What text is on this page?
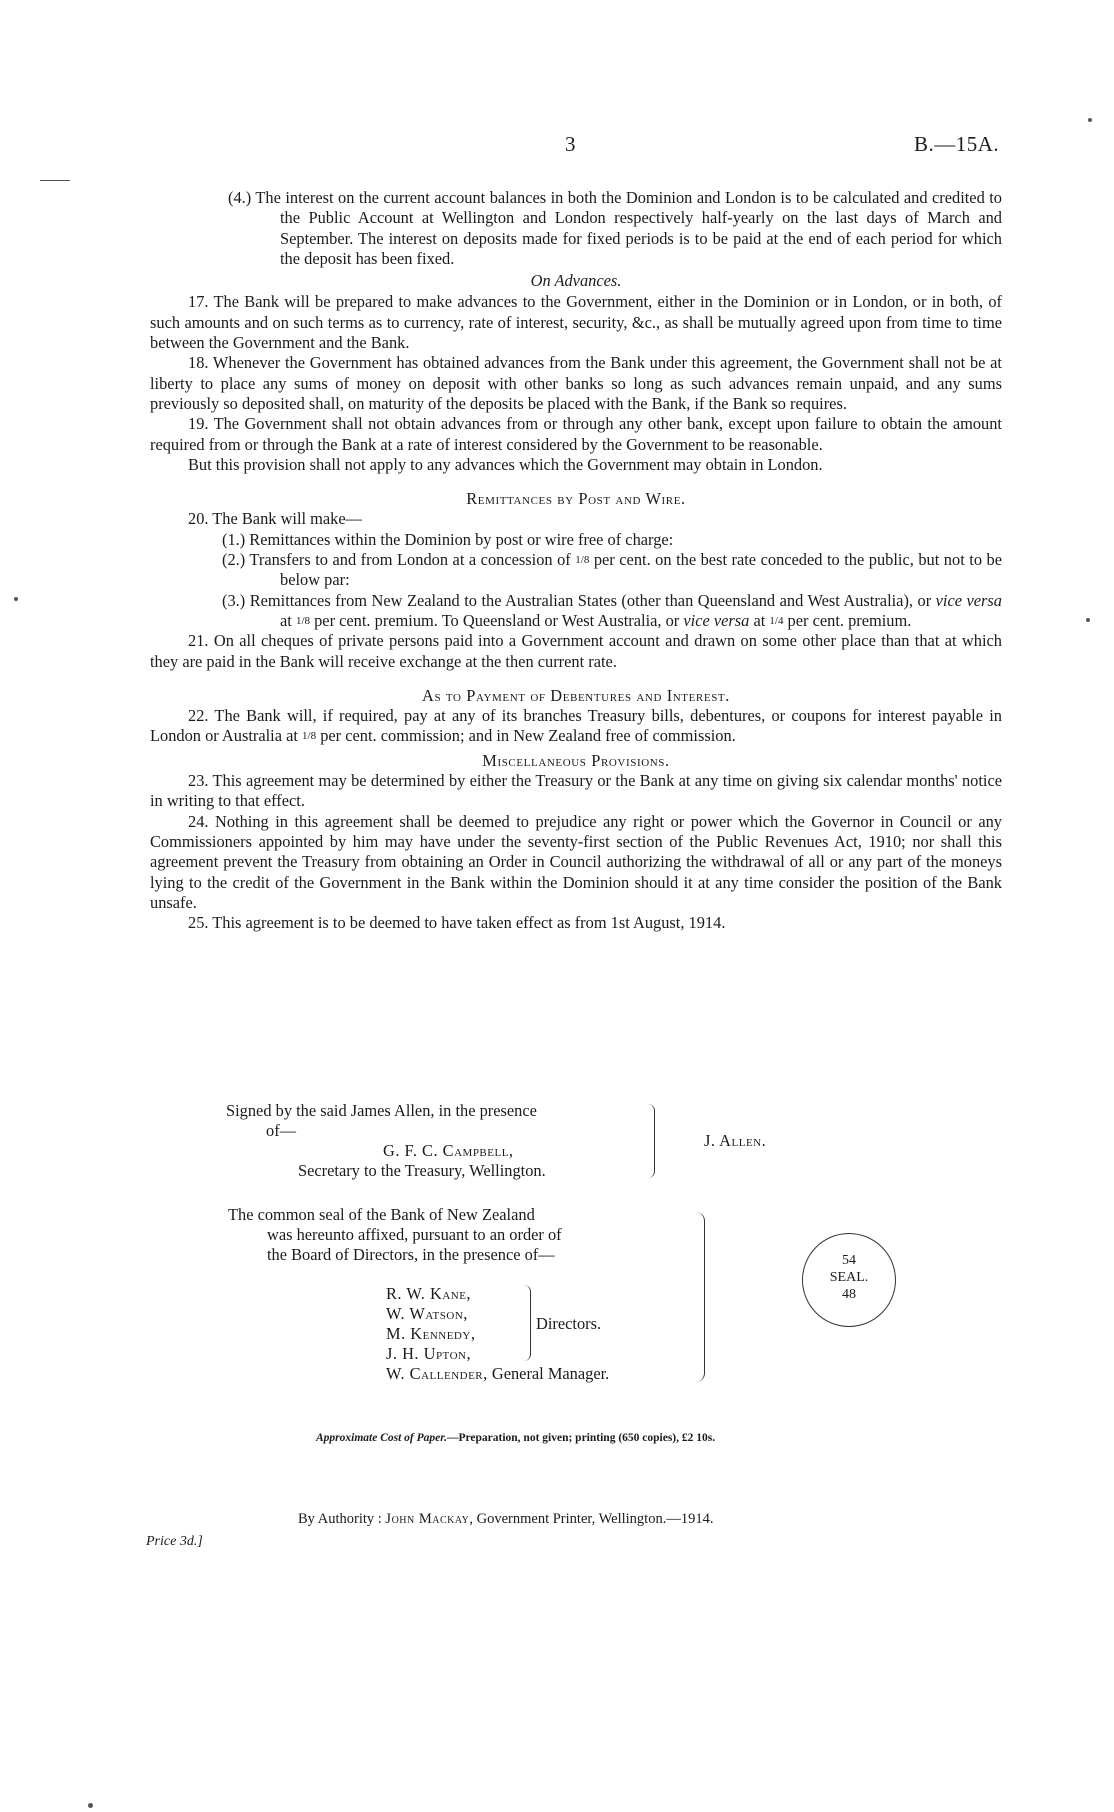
3	B.—15A.

(4.) The interest on the current account balances in both the Dominion and London is to be calculated and credited to the Public Account at Wellington and London respectively half-yearly on the last days of March and September. The interest on deposits made for fixed periods is to be paid at the end of each period for which the deposit has been fixed.

On Advances.

17. The Bank will be prepared to make advances to the Government, either in the Dominion or in London, or in both, of such amounts and on such terms as to currency, rate of interest, security, &c., as shall be mutually agreed upon from time to time between the Government and the Bank.

18. Whenever the Government has obtained advances from the Bank under this agreement, the Government shall not be at liberty to place any sums of money on deposit with other banks so long as such advances remain unpaid, and any sums previously so deposited shall, on maturity of the deposits be placed with the Bank, if the Bank so requires.

19. The Government shall not obtain advances from or through any other bank, except upon failure to obtain the amount required from or through the Bank at a rate of interest considered by the Government to be reasonable.

But this provision shall not apply to any advances which the Government may obtain in London.

Remittances by Post and Wire.

20. The Bank will make—

(1.) Remittances within the Dominion by post or wire free of charge:

(2.) Transfers to and from London at a concession of 1/8 per cent. on the best rate conceded to the public, but not to be below par:

(3.) Remittances from New Zealand to the Australian States (other than Queensland and West Australia), or vice versa at 1/8 per cent. premium. To Queensland or West Australia, or vice versa at 1/4 per cent. premium.

21. On all cheques of private persons paid into a Government account and drawn on some other place than that at which they are paid in the Bank will receive exchange at the then current rate.

As to Payment of Debentures and Interest.

22. The Bank will, if required, pay at any of its branches Treasury bills, debentures, or coupons for interest payable in London or Australia at 1/8 per cent. commission; and in New Zealand free of commission.

Miscellaneous Provisions.

23. This agreement may be determined by either the Treasury or the Bank at any time on giving six calendar months' notice in writing to that effect.

24. Nothing in this agreement shall be deemed to prejudice any right or power which the Governor in Council or any Commissioners appointed by him may have under the seventy-first section of the Public Revenues Act, 1910; nor shall this agreement prevent the Treasury from obtaining an Order in Council authorizing the withdrawal of all or any part of the moneys lying to the credit of the Government in the Bank within the Dominion should it at any time consider the position of the Bank unsafe.

25. This agreement is to be deemed to have taken effect as from 1st August, 1914.

Signed by the said James Allen, in the presence
of—
G. F. C. Campbell,
Secretary to the Treasury, Wellington.
J. Allen.
The common seal of the Bank of New Zealand
was hereunto affixed, pursuant to an order of
the Board of Directors, in the presence of—
R. W. Kane,
W. Watson,
M. Kennedy,
J. H. Upton,
Directors.
W. Callender, General Manager.
54
SEAL.
48
Approximate Cost of Paper.—Preparation, not given; printing (650 copies), £2 10s.
By Authority : John Mackay, Government Printer, Wellington.—1914.
Price 3d.]
